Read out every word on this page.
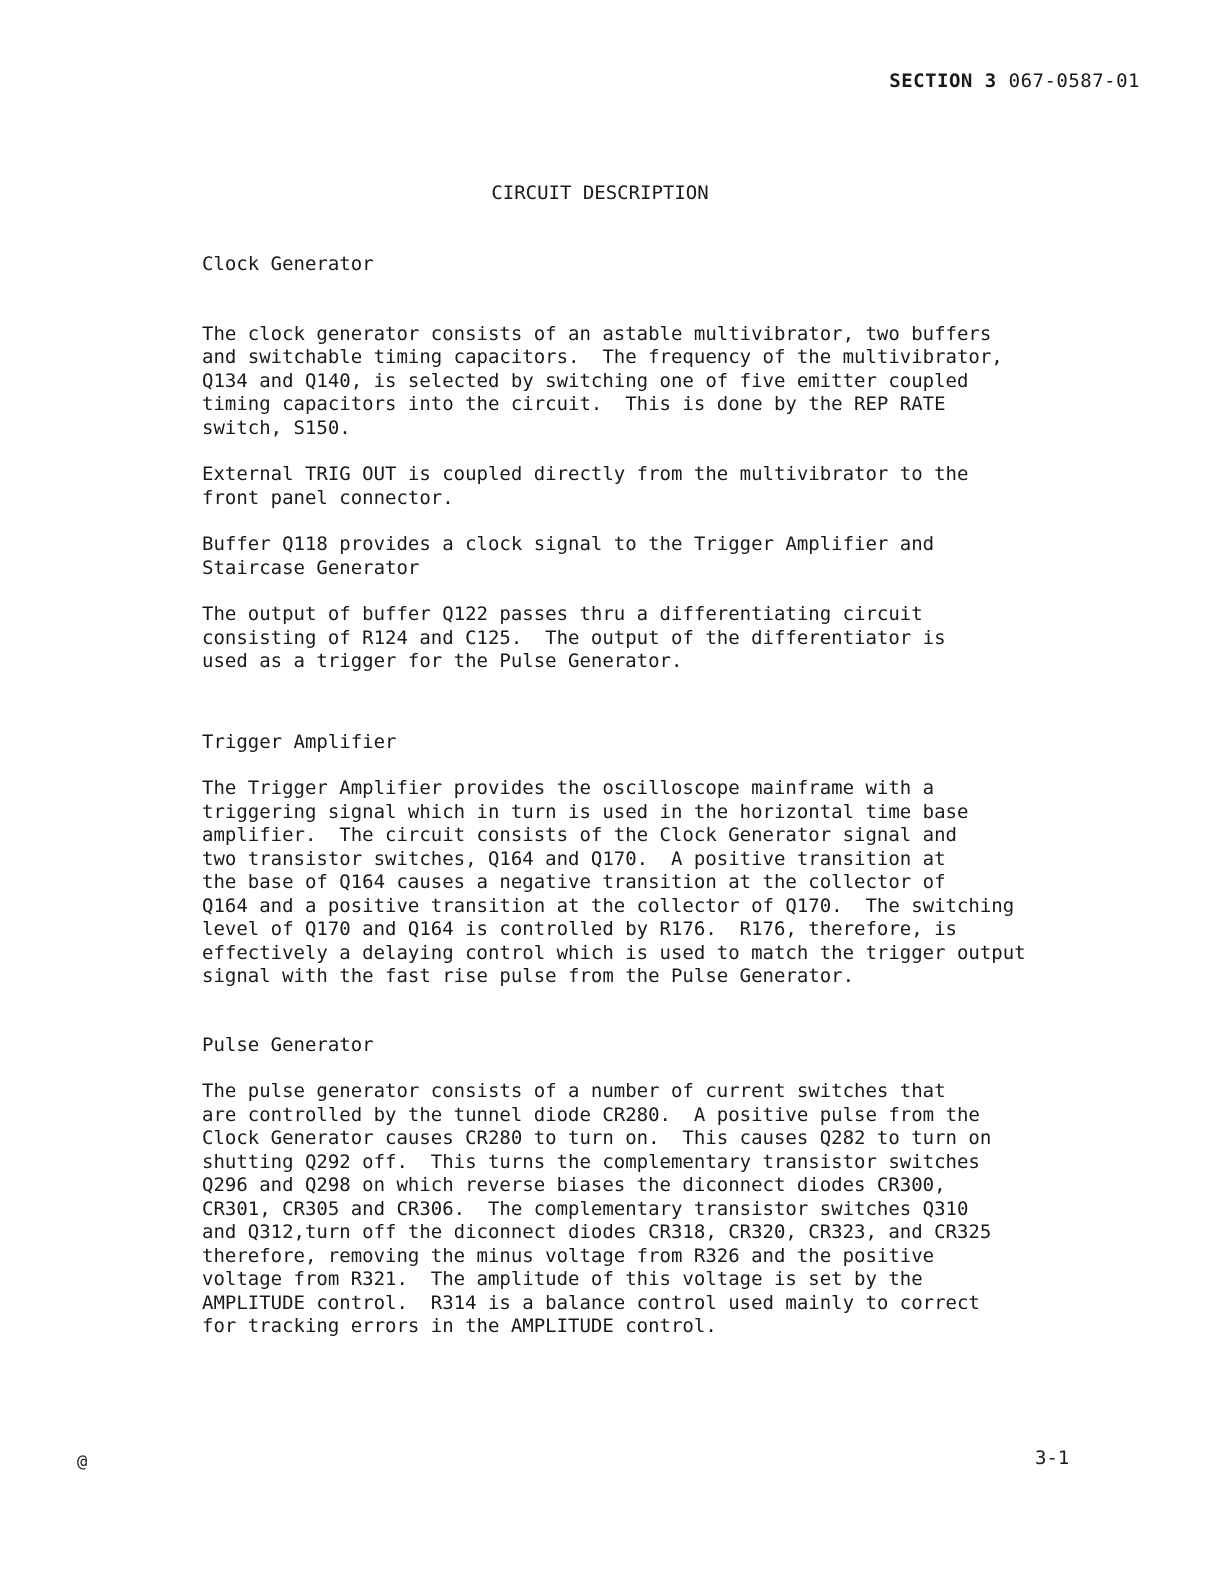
SECTION 3 067-0587-01
CIRCUIT DESCRIPTION
Clock Generator
The clock generator consists of an astable multivibrator, two buffers
and switchable timing capacitors.  The frequency of the multivibrator,
Q134 and Q140, is selected by switching one of five emitter coupled
timing capacitors into the circuit.  This is done by the REP RATE
switch, S150.
External TRIG OUT is coupled directly from the multivibrator to the
front panel connector.
Buffer Q118 provides a clock signal to the Trigger Amplifier and
Staircase Generator
The output of buffer Q122 passes thru a differentiating circuit
consisting of R124 and C125.  The output of the differentiator is
used as a trigger for the Pulse Generator.
Trigger Amplifier
The Trigger Amplifier provides the oscilloscope mainframe with a
triggering signal which in turn is used in the horizontal time base
amplifier.  The circuit consists of the Clock Generator signal and
two transistor switches, Q164 and Q170.  A positive transition at
the base of Q164 causes a negative transition at the collector of
Q164 and a positive transition at the collector of Q170.  The switching
level of Q170 and Q164 is controlled by R176.  R176, therefore, is
effectively a delaying control which is used to match the trigger output
signal with the fast rise pulse from the Pulse Generator.
Pulse Generator
The pulse generator consists of a number of current switches that
are controlled by the tunnel diode CR280.  A positive pulse from the
Clock Generator causes CR280 to turn on.  This causes Q282 to turn on
shutting Q292 off.  This turns the complementary transistor switches
Q296 and Q298 on which reverse biases the diconnect diodes CR300,
CR301, CR305 and CR306.  The complementary transistor switches Q310
and Q312,turn off the diconnect diodes CR318, CR320, CR323, and CR325
therefore, removing the minus voltage from R326 and the positive
voltage from R321.  The amplitude of this voltage is set by the
AMPLITUDE control.  R314 is a balance control used mainly to correct
for tracking errors in the AMPLITUDE control.
@	3-1
